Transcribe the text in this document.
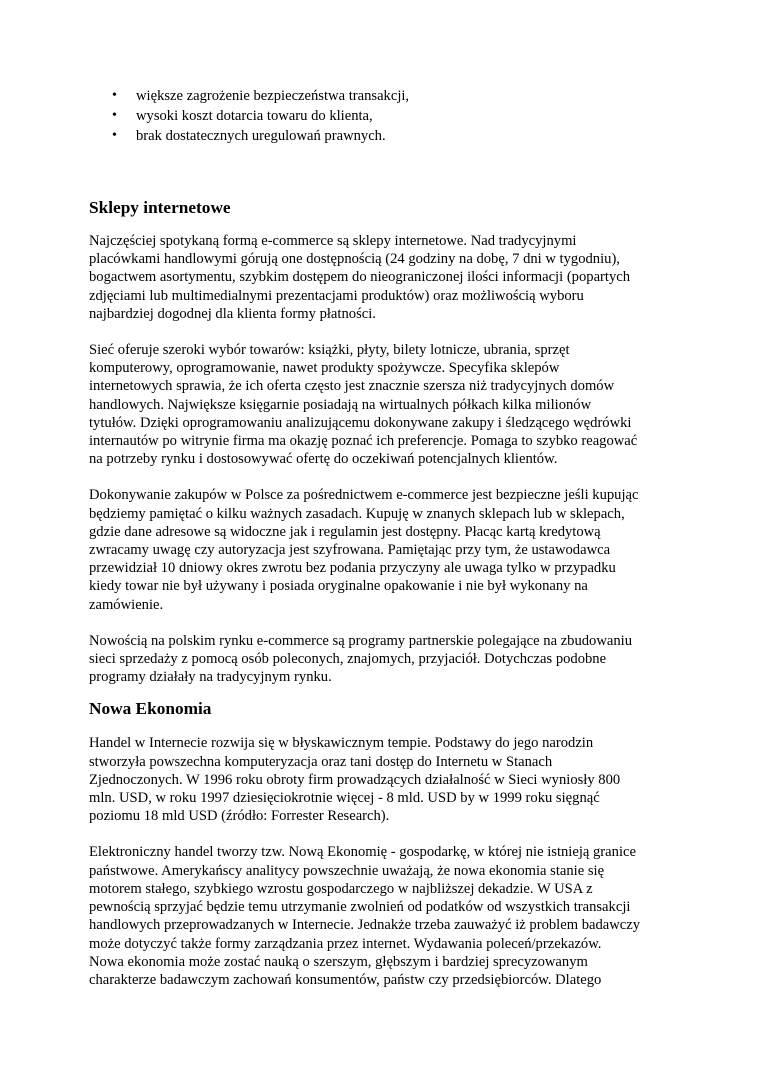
• większe zagrożenie bezpieczeństwa transakcji,
• wysoki koszt dotarcia towaru do klienta,
• brak dostatecznych uregulowań prawnych.
Sklepy internetowe

Najczęściej spotykaną formą e-commerce są sklepy internetowe. Nad tradycyjnymi
placówkami handlowymi górują one dostępnością (24 godziny na dobę, 7 dni w tygodniu),
bogactwem asortymentu, szybkim dostępem do nieograniczonej ilości informacji (popartych
zdjęciami lub multimedialnymi prezentacjami produktów) oraz możliwością wyboru
najbardziej dogodnej dla klienta formy płatności.

Sieć oferuje szeroki wybór towarów: książki, płyty, bilety lotnicze, ubrania, sprzęt
komputerowy, oprogramowanie, nawet produkty spożywcze. Specyfika sklepów
internetowych sprawia, że ich oferta często jest znacznie szersza niż tradycyjnych domów
handlowych. Największe księgarnie posiadają na wirtualnych półkach kilka milionów
tytułów. Dzięki oprogramowaniu analizującemu dokonywane zakupy i śledzącego wędrówki
internautów po witrynie firma ma okazję poznać ich preferencje. Pomaga to szybko reagować
na potrzeby rynku i dostosowywać ofertę do oczekiwań potencjalnych klientów.

Dokonywanie zakupów w Polsce za pośrednictwem e-commerce jest bezpieczne jeśli kupując
będziemy pamiętać o kilku ważnych zasadach. Kupuję w znanych sklepach lub w sklepach,
gdzie dane adresowe są widoczne jak i regulamin jest dostępny. Płacąc kartą kredytową
zwracamy uwagę czy autoryzacja jest szyfrowana. Pamiętając przy tym, że ustawodawca
przewidział 10 dniowy okres zwrotu bez podania przyczyny ale uwaga tylko w przypadku
kiedy towar nie był używany i posiada oryginalne opakowanie i nie był wykonany na
zamówienie.

Nowością na polskim rynku e-commerce są programy partnerskie polegające na zbudowaniu
sieci sprzedaży z pomocą osób poleconych, znajomych, przyjaciół. Dotychczas podobne
programy działały na tradycyjnym rynku.

Nowa Ekonomia

Handel w Internecie rozwija się w błyskawicznym tempie. Podstawy do jego narodzin
stworzyła powszechna komputeryzacja oraz tani dostęp do Internetu w Stanach
Zjednoczonych. W 1996 roku obroty firm prowadzących działalność w Sieci wyniosły 800
mln. USD, w roku 1997 dziesięciokrotnie więcej - 8 mld. USD by w 1999 roku sięgnąć
poziomu 18 mld USD (źródło: Forrester Research).

Elektroniczny handel tworzy tzw. Nową Ekonomię - gospodarkę, w której nie istnieją granice
państwowe. Amerykańscy analitycy powszechnie uważają, że nowa ekonomia stanie się
motorem stałego, szybkiego wzrostu gospodarczego w najbliższej dekadzie. W USA z
pewnością sprzyjać będzie temu utrzymanie zwolnień od podatków od wszystkich transakcji
handlowych przeprowadzanych w Internecie. Jednakże trzeba zauważyć iż problem badawczy
może dotyczyć także formy zarządzania przez internet. Wydawania poleceń/przekazów.
Nowa ekonomia może zostać nauką o szerszym, głębszym i bardziej sprecyzowanym
charakterze badawczym zachowań konsumentów, państw czy przedsiębiorców. Dlatego
